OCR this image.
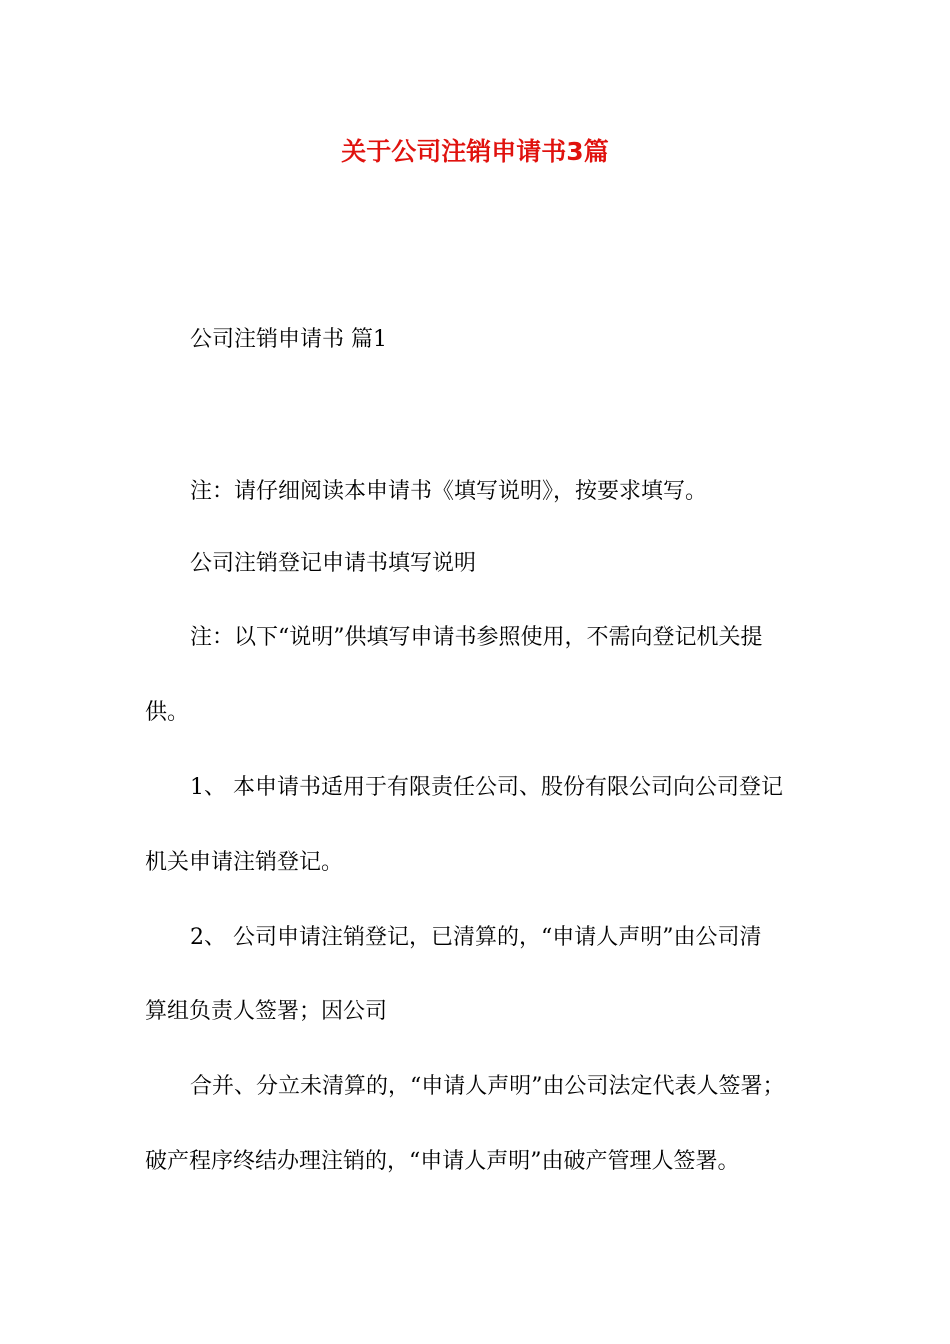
关于公司注销申请书3篇

公司注销申请书 篇1

注：请仔细阅读本申请书《填写说明》，按要求填写。

公司注销登记申请书填写说明

注：以下“说明”供填写申请书参照使用，不需向登记机关提

供。

1、 本申请书适用于有限责任公司、股份有限公司向公司登记

机关申请注销登记。

2、 公司申请注销登记，已清算的，“申请人声明”由公司清

算组负责人签署；因公司

合并、分立未清算的，“申请人声明”由公司法定代表人签署；

破产程序终结办理注销的，“申请人声明”由破产管理人签署。
